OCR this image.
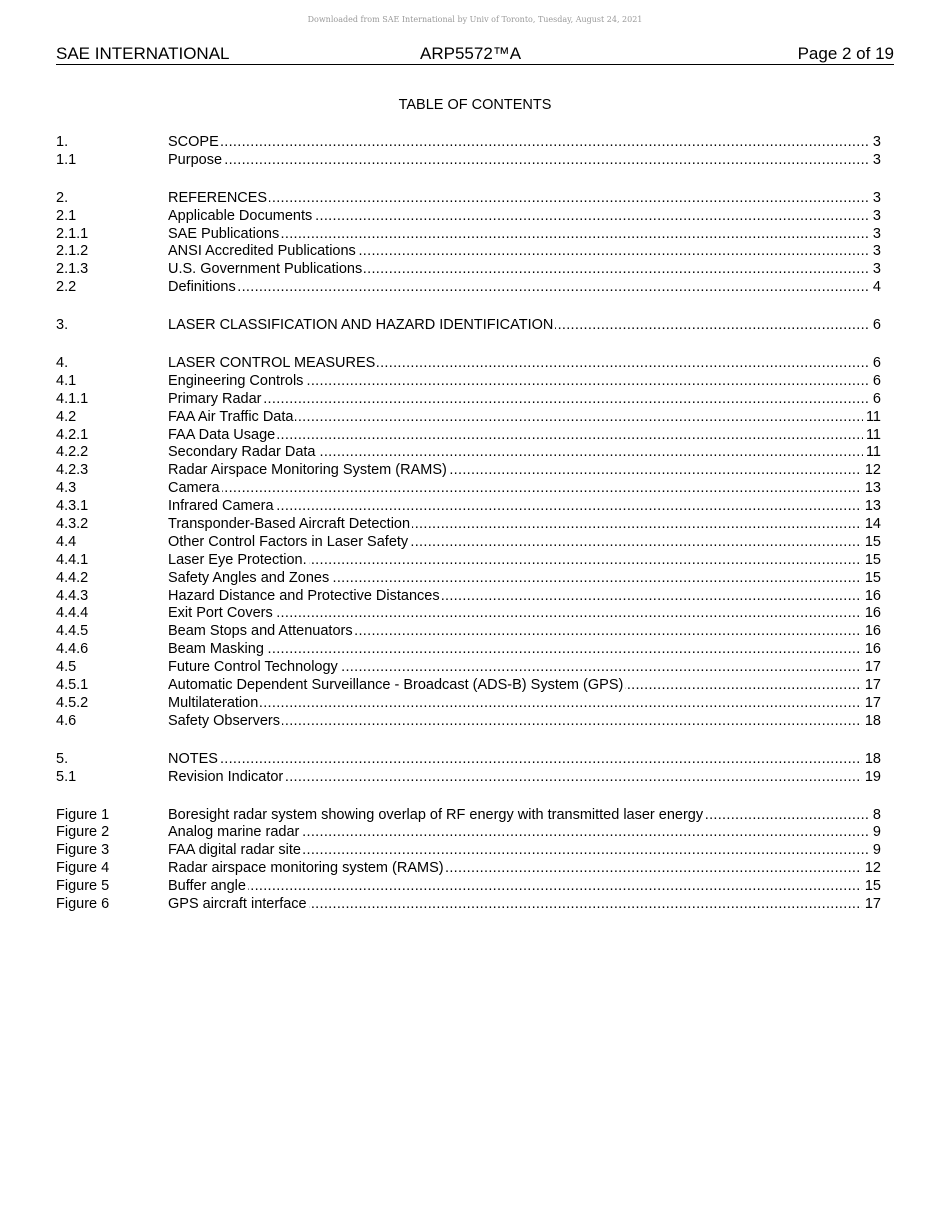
Downloaded from SAE International by Univ of Toronto, Tuesday, August 24, 2021
SAE INTERNATIONAL	ARP5572™A	Page 2 of 19
TABLE OF CONTENTS
1.	SCOPE .....	3
1.1	Purpose .....	3
2.	REFERENCES .....	3
2.1	Applicable Documents .....	3
2.1.1	SAE Publications .....	3
2.1.2	ANSI Accredited Publications .....	3
2.1.3	U.S. Government Publications .....	3
2.2	Definitions .....	4
3.	LASER CLASSIFICATION AND HAZARD IDENTIFICATION .....	6
4.	LASER CONTROL MEASURES .....	6
4.1	Engineering Controls .....	6
4.1.1	Primary Radar .....	6
4.2	FAA Air Traffic Data .....	11
4.2.1	FAA Data Usage .....	11
4.2.2	Secondary Radar Data .....	11
4.2.3	Radar Airspace Monitoring System (RAMS) .....	12
4.3	Camera .....	13
4.3.1	Infrared Camera .....	13
4.3.2	Transponder-Based Aircraft Detection .....	14
4.4	Other Control Factors in Laser Safety .....	15
4.4.1	Laser Eye Protection. .....	15
4.4.2	Safety Angles and Zones .....	15
4.4.3	Hazard Distance and Protective Distances .....	16
4.4.4	Exit Port Covers .....	16
4.4.5	Beam Stops and Attenuators .....	16
4.4.6	Beam Masking .....	16
4.5	Future Control Technology .....	17
4.5.1	Automatic Dependent Surveillance - Broadcast (ADS-B) System (GPS) .....	17
4.5.2	Multilateration .....	17
4.6	Safety Observers .....	18
5.	NOTES .....	18
5.1	Revision Indicator .....	19
Figure 1	Boresight radar system showing overlap of RF energy with transmitted laser energy .....	8
Figure 2	Analog marine radar .....	9
Figure 3	FAA digital radar site .....	9
Figure 4	Radar airspace monitoring system (RAMS) .....	12
Figure 5	Buffer angle .....	15
Figure 6	GPS aircraft interface .....	17
